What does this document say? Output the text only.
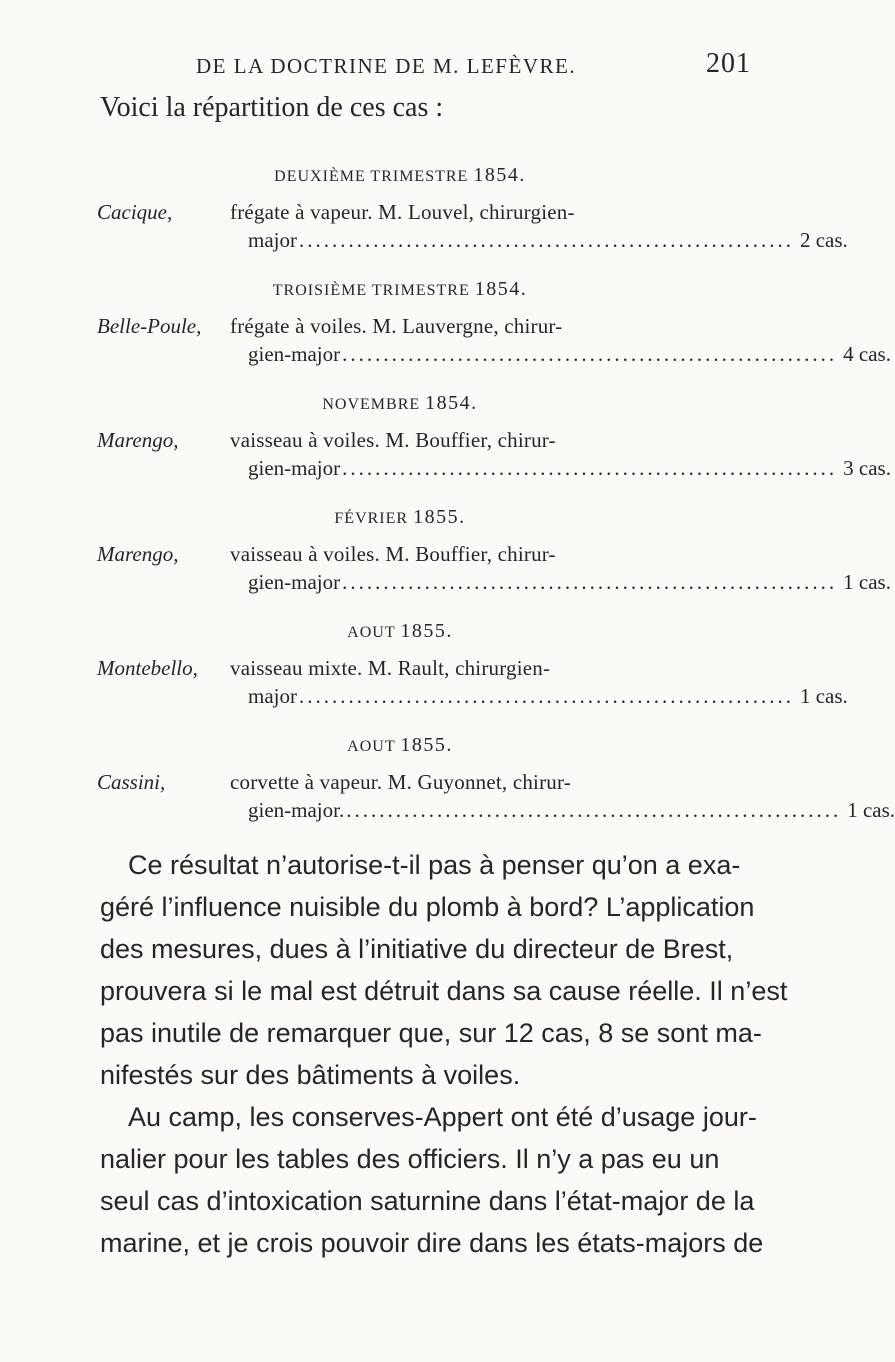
DE LA DOCTRINE DE M. LEFÈVRE.	201
Voici la répartition de ces cas :
DEUXIÈME TRIMESTRE 1854.
Cacique,	frégate à vapeur. M. Louvel, chirurgien-
major ............................................................ 2 cas.
TROISIÈME TRIMESTRE 1854.
Belle-Poule, frégate à voiles. M. Lauvergne, chirur-
gien-major ............................................................ 4 cas.
NOVEMBRE 1854.
Marengo, vaisseau à voiles. M. Bouffier, chirur-
gien-major ............................................................ 3 cas.
FÉVRIER 1855.
Marengo, vaisseau à voiles. M. Bouffier, chirur-
gien-major ............................................................ 1 cas.
AOUT 1855.
Montebello, vaisseau mixte. M. Rault, chirurgien-
major ............................................................ 1 cas.
AOUT 1855.
Cassini,	corvette à vapeur. M. Guyonnet, chirur-
gien-major. ............................................................ 1 cas.
Ce résultat n’autorise-t-il pas à penser qu’on a exa-
géré l’influence nuisible du plomb à bord? L’application
des mesures, dues à l’initiative du directeur de Brest,
prouvera si le mal est détruit dans sa cause réelle. Il n’est
pas inutile de remarquer que, sur 12 cas, 8 se sont ma-
nifestés sur des bâtiments à voiles.
Au camp, les conserves-Appert ont été d’usage jour-
nalier pour les tables des officiers. Il n’y a pas eu un
seul cas d’intoxication saturnine dans l’état-major de la
marine, et je crois pouvoir dire dans les états-majors de
